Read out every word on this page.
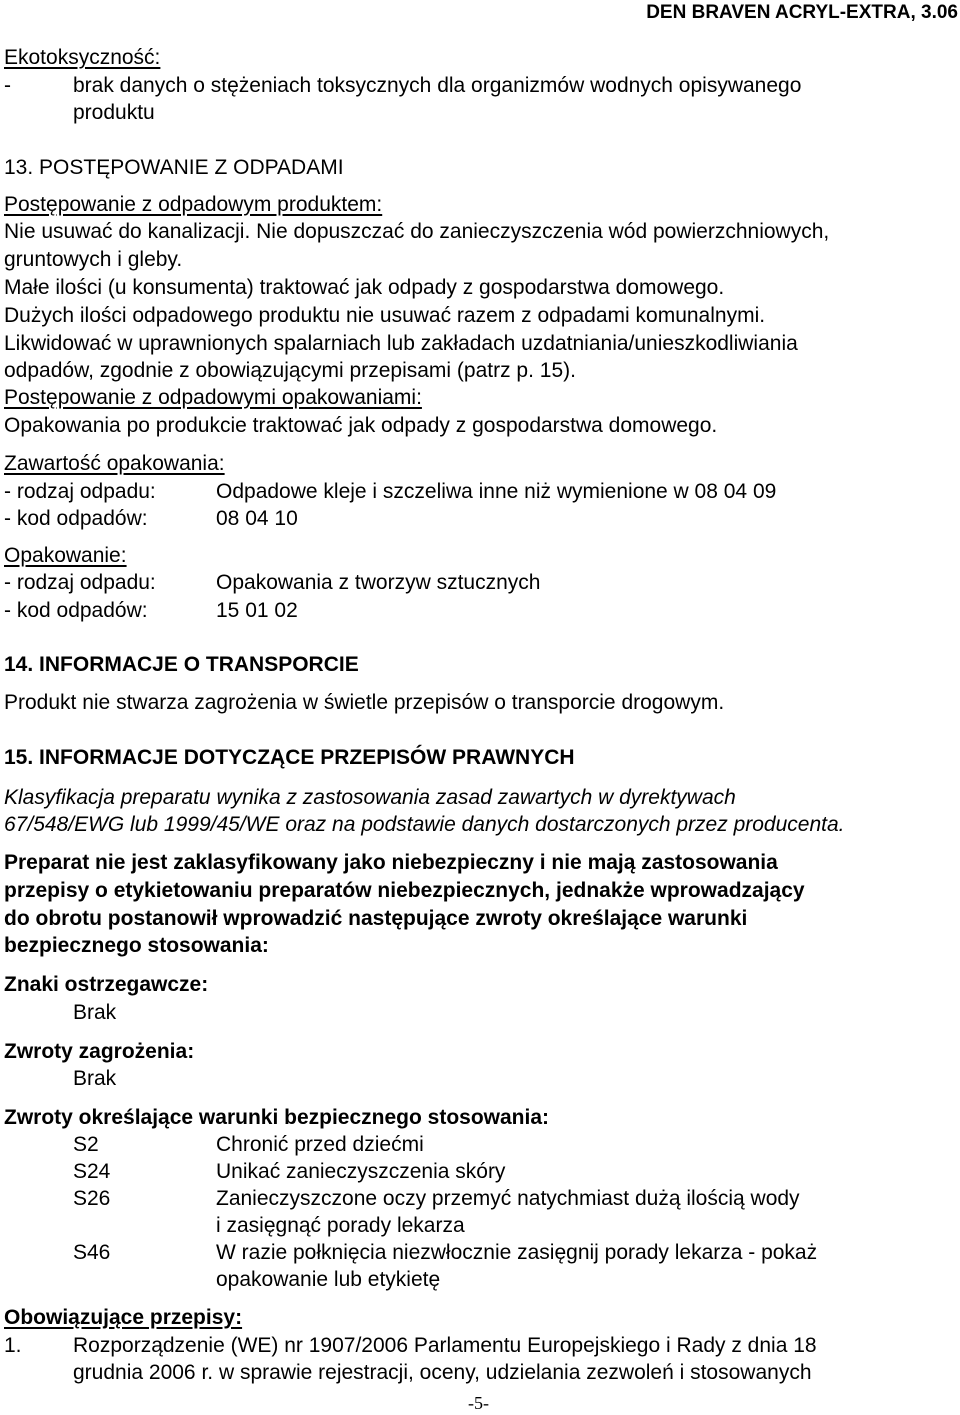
DEN BRAVEN ACRYL-EXTRA, 3.06
Ekotoksyczność:
-	brak danych o stężeniach toksycznych dla organizmów wodnych opisywanego
produktu
13. POSTĘPOWANIE Z ODPADAMI
Postępowanie z odpadowym produktem:
Nie usuwać do kanalizacji. Nie dopuszczać do zanieczyszczenia wód powierzchniowych,
gruntowych i gleby.
Małe ilości (u konsumenta) traktować jak odpady z gospodarstwa domowego.
Dużych ilości odpadowego produktu nie usuwać razem z odpadami komunalnymi.
Likwidować w uprawnionych spalarniach lub zakładach uzdatniania/unieszkodliwiania
odpadów, zgodnie z obowiązującymi przepisami (patrz p. 15).
Postępowanie z odpadowymi opakowaniami:
Opakowania po produkcie traktować jak odpady z gospodarstwa domowego.
Zawartość opakowania:
- rodzaj odpadu:	Odpadowe kleje i szczeliwa inne niż wymienione w 08 04 09
- kod odpadów:	08 04 10
Opakowanie:
- rodzaj odpadu:	Opakowania z tworzyw sztucznych
- kod odpadów:	15 01 02
14. INFORMACJE O TRANSPORCIE
Produkt nie stwarza zagrożenia w świetle przepisów o transporcie drogowym.
15. INFORMACJE DOTYCZĄCE PRZEPISÓW PRAWNYCH
Klasyfikacja preparatu wynika z zastosowania zasad zawartych w dyrektywach
67/548/EWG lub 1999/45/WE oraz na podstawie danych dostarczonych przez producenta.
Preparat nie jest zaklasyfikowany jako niebezpieczny i nie mają zastosowania
przepisy o etykietowaniu preparatów niebezpiecznych, jednakże wprowadzający
do obrotu postanowił wprowadzić następujące zwroty określające warunki
bezpiecznego stosowania:
Znaki ostrzegawcze:
Brak
Zwroty zagrożenia:
Brak
Zwroty określające warunki bezpiecznego stosowania:
S2	Chronić przed dziećmi
S24	Unikać zanieczyszczenia skóry
S26	Zanieczyszczone oczy przemyć natychmiast dużą ilością wody
i zasięgnąć porady lekarza
S46	W razie połknięcia niezwłocznie zasięgnij porady lekarza - pokaż
opakowanie lub etykietę
Obowiązujące przepisy:
1. Rozporządzenie (WE) nr 1907/2006 Parlamentu Europejskiego i Rady z dnia 18
grudnia 2006 r. w sprawie rejestracji, oceny, udzielania zezwoleń i stosowanych
-5-
